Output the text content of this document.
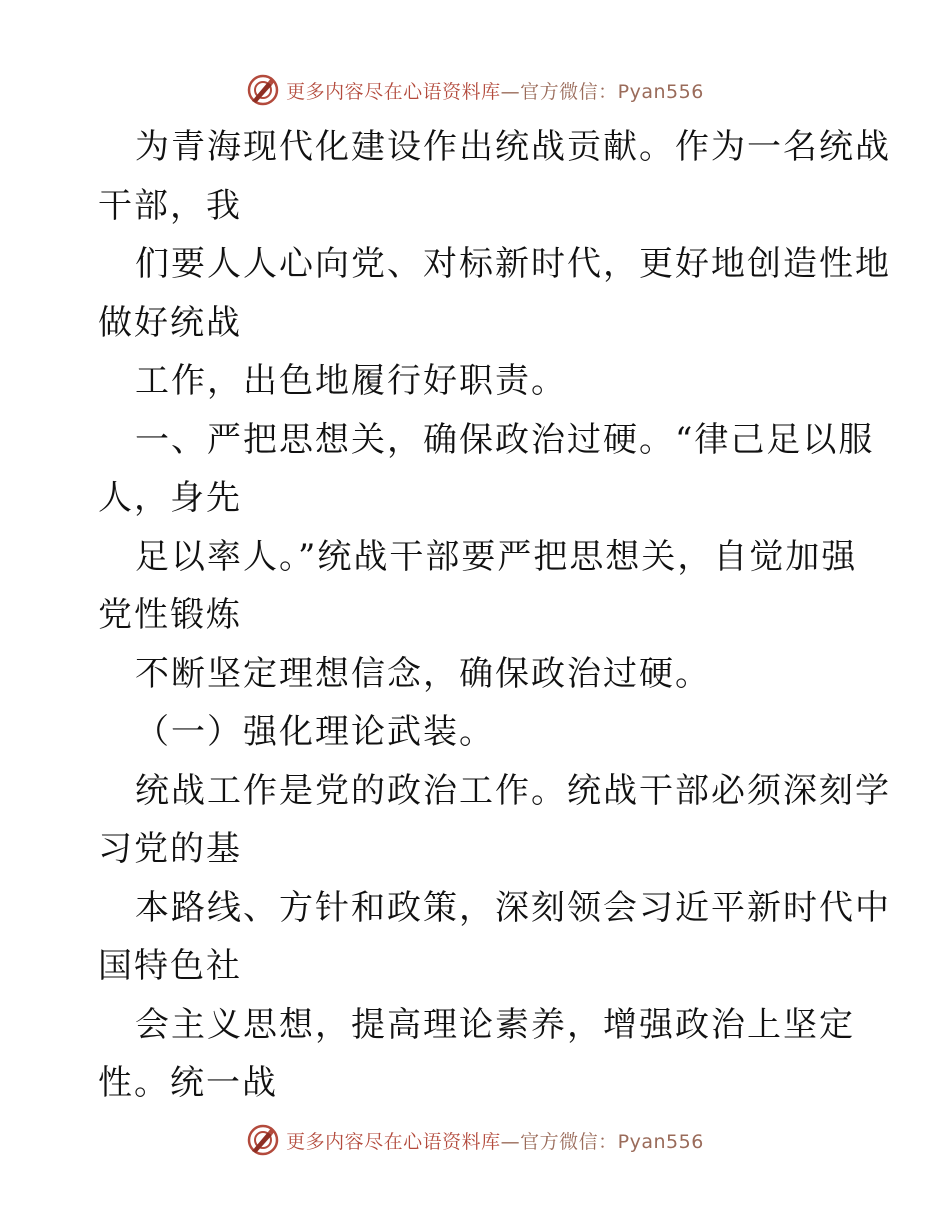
更多内容尽在心语资料库—官方微信：Pyan556
为青海现代化建设作出统战贡献。作为一名统战
干部，我
们要人人心向党、对标新时代，更好地创造性地
做好统战
工作，出色地履行好职责。
一、严把思想关，确保政治过硬。“律己足以服
人，身先
足以率人。”统战干部要严把思想关，自觉加强
党性锻炼
不断坚定理想信念，确保政治过硬。
（一）强化理论武装。
统战工作是党的政治工作。统战干部必须深刻学
习党的基
本路线、方针和政策，深刻领会习近平新时代中
国特色社
会主义思想，提高理论素养，增强政治上坚定
性。统一战
更多内容尽在心语资料库—官方微信：Pyan556
